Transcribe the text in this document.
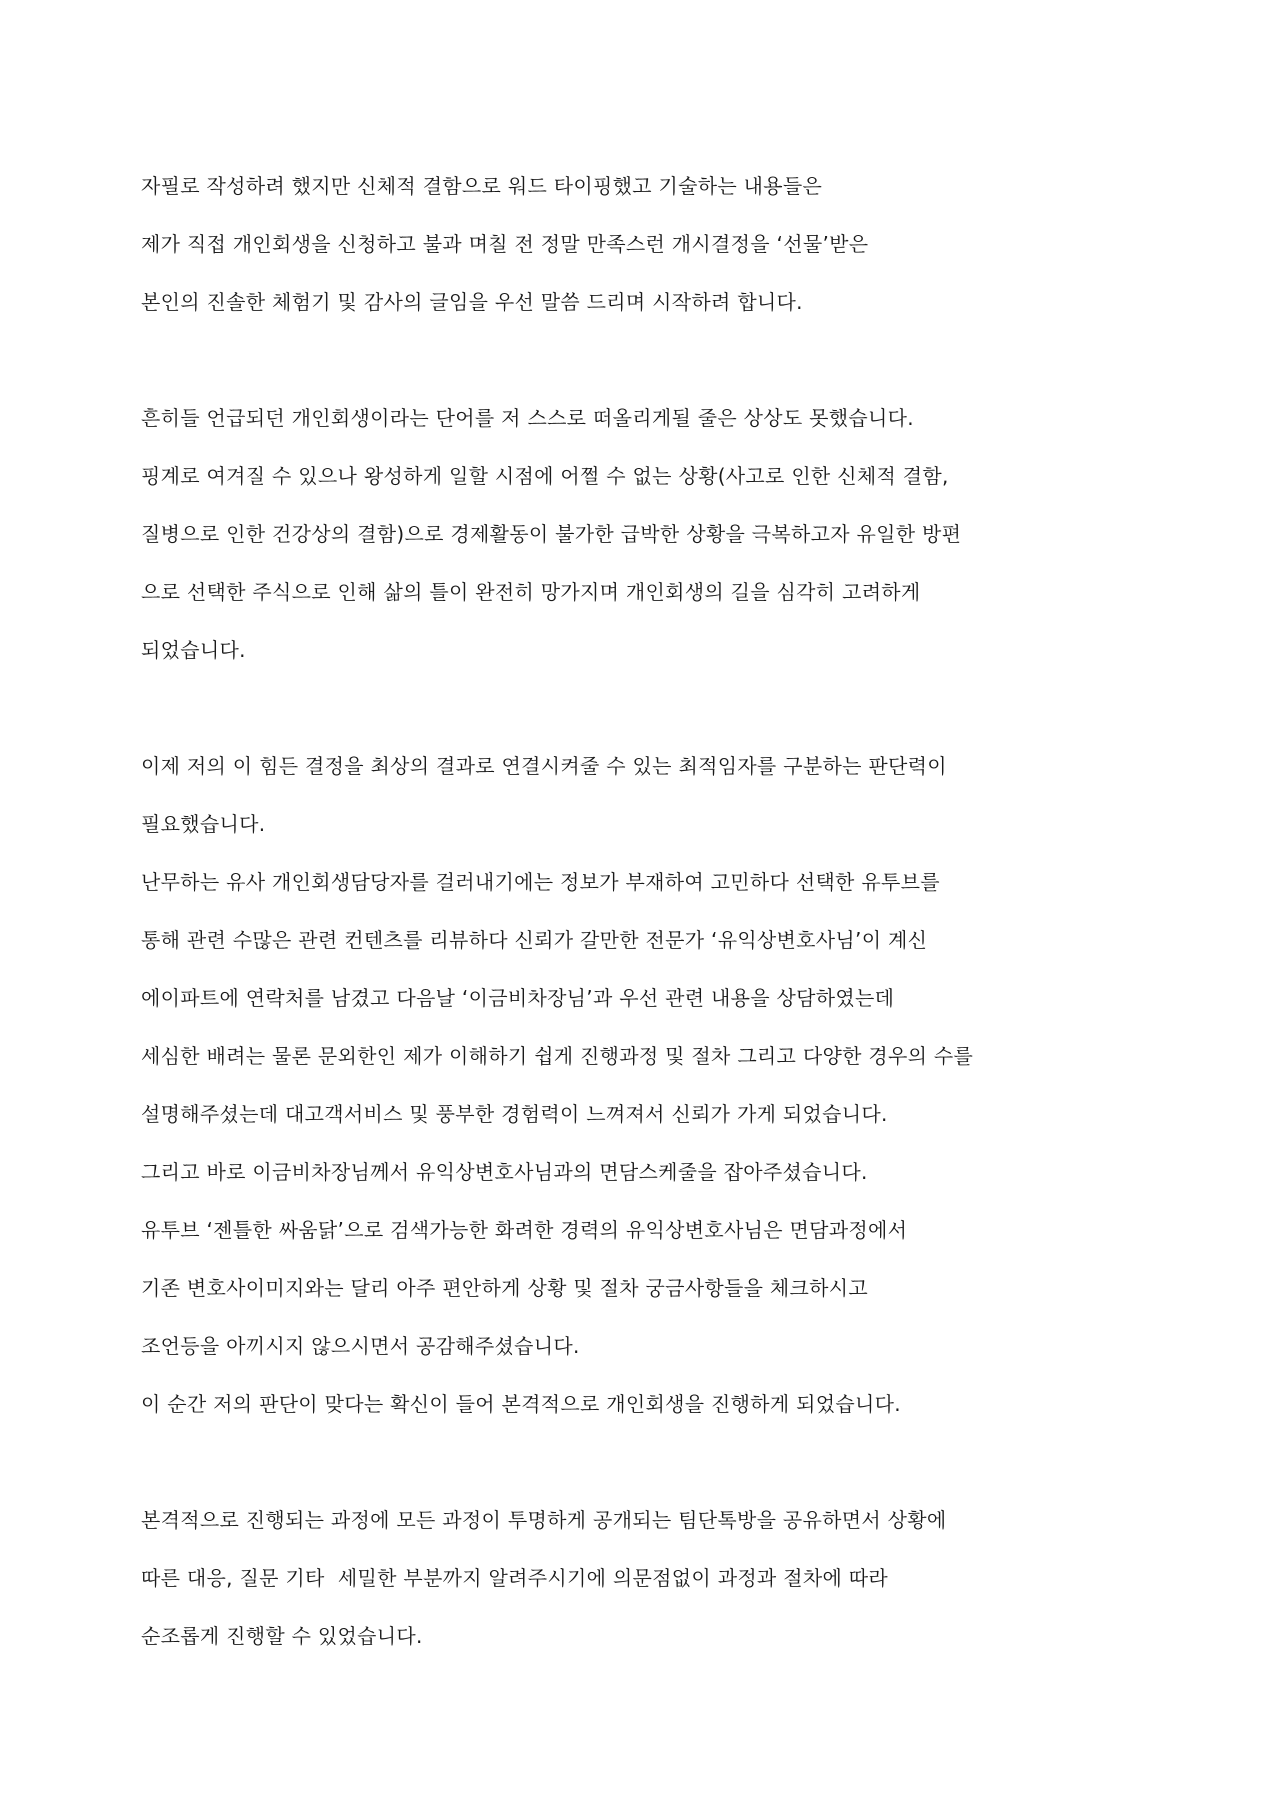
자필로 작성하려 했지만 신체적 결함으로 워드 타이핑했고 기술하는 내용들은
제가 직접 개인회생을 신청하고 불과 며칠 전 정말 만족스런 개시결정을 ‘선물’받은
본인의 진솔한 체험기 및 감사의 글임을 우선 말씀 드리며 시작하려 합니다.
흔히들 언급되던 개인회생이라는 단어를 저 스스로 떠올리게될 줄은 상상도 못했습니다.
핑계로 여겨질 수 있으나 왕성하게 일할 시점에 어쩔 수 없는 상황(사고로 인한 신체적 결함,
질병으로 인한 건강상의 결함)으로 경제활동이 불가한 급박한 상황을 극복하고자 유일한 방편
으로 선택한 주식으로 인해 삶의 틀이 완전히 망가지며 개인회생의 길을 심각히 고려하게
되었습니다.
이제 저의 이 힘든 결정을 최상의 결과로 연결시켜줄 수 있는 최적임자를 구분하는 판단력이
필요했습니다.
난무하는 유사 개인회생담당자를 걸러내기에는 정보가 부재하여 고민하다 선택한 유투브를
통해 관련 수많은 관련 컨텐츠를 리뷰하다 신뢰가 갈만한 전문가 ‘유익상변호사님’이 계신
에이파트에 연락처를 남겼고 다음날 ‘이금비차장님’과 우선 관련 내용을 상담하였는데
세심한 배려는 물론 문외한인 제가 이해하기 쉽게 진행과정 및 절차 그리고 다양한 경우의 수를
설명해주셨는데 대고객서비스 및 풍부한 경험력이 느껴져서 신뢰가 가게 되었습니다.
그리고 바로 이금비차장님께서 유익상변호사님과의 면담스케줄을 잡아주셨습니다.
유투브 ‘젠틀한 싸움닭’으로 검색가능한 화려한 경력의 유익상변호사님은 면담과정에서
기존 변호사이미지와는 달리 아주 편안하게 상황 및 절차 궁금사항들을 체크하시고
조언등을 아끼시지 않으시면서 공감해주셨습니다.
이 순간 저의 판단이 맞다는 확신이 들어 본격적으로 개인회생을 진행하게 되었습니다.
본격적으로 진행되는 과정에 모든 과정이 투명하게 공개되는 팀단톡방을 공유하면서 상황에
따른 대응, 질문 기타  세밀한 부분까지 알려주시기에 의문점없이 과정과 절차에 따라
순조롭게 진행할 수 있었습니다.
